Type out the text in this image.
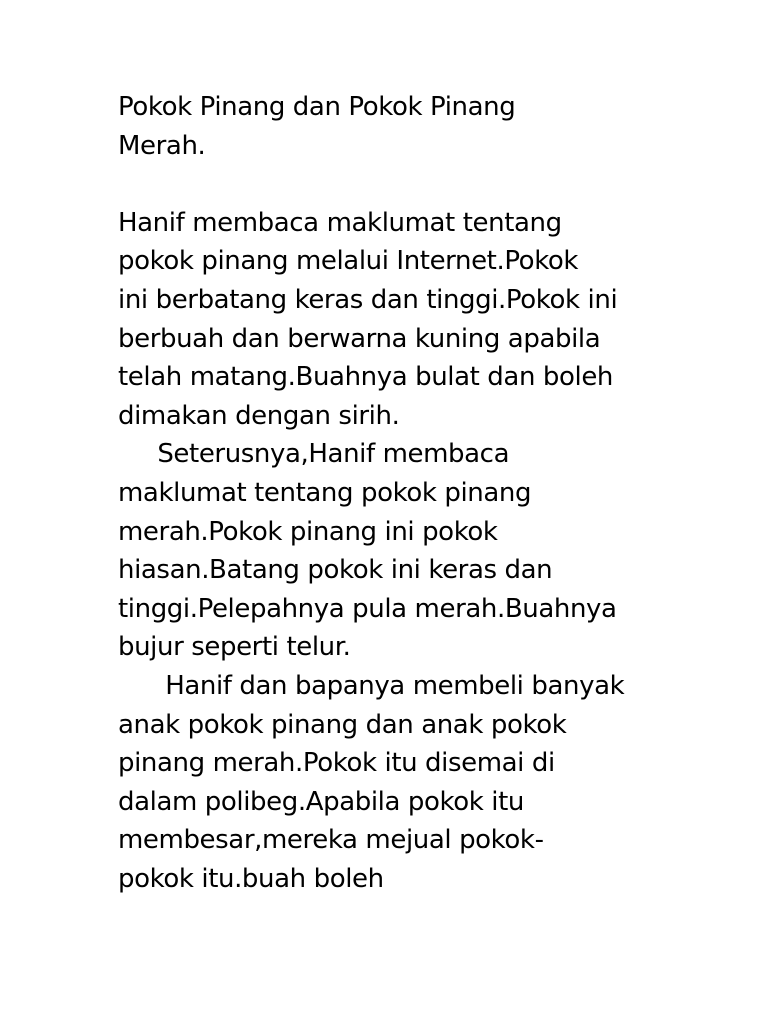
Pokok Pinang dan Pokok Pinang
Merah.
Hanif membaca maklumat tentang
pokok pinang melalui Internet.Pokok
ini berbatang keras dan tinggi.Pokok ini
berbuah dan berwarna kuning apabila
telah matang.Buahnya bulat dan boleh
dimakan dengan sirih.
Seterusnya,Hanif membaca
maklumat tentang pokok pinang
merah.Pokok pinang ini pokok
hiasan.Batang pokok ini keras dan
tinggi.Pelepahnya pula merah.Buahnya
bujur seperti telur.
Hanif dan bapanya membeli banyak
anak pokok pinang dan anak pokok
pinang merah.Pokok itu disemai di
dalam polibeg.Apabila pokok itu
membesar,mereka mejual pokok-
pokok itu.buah boleh
